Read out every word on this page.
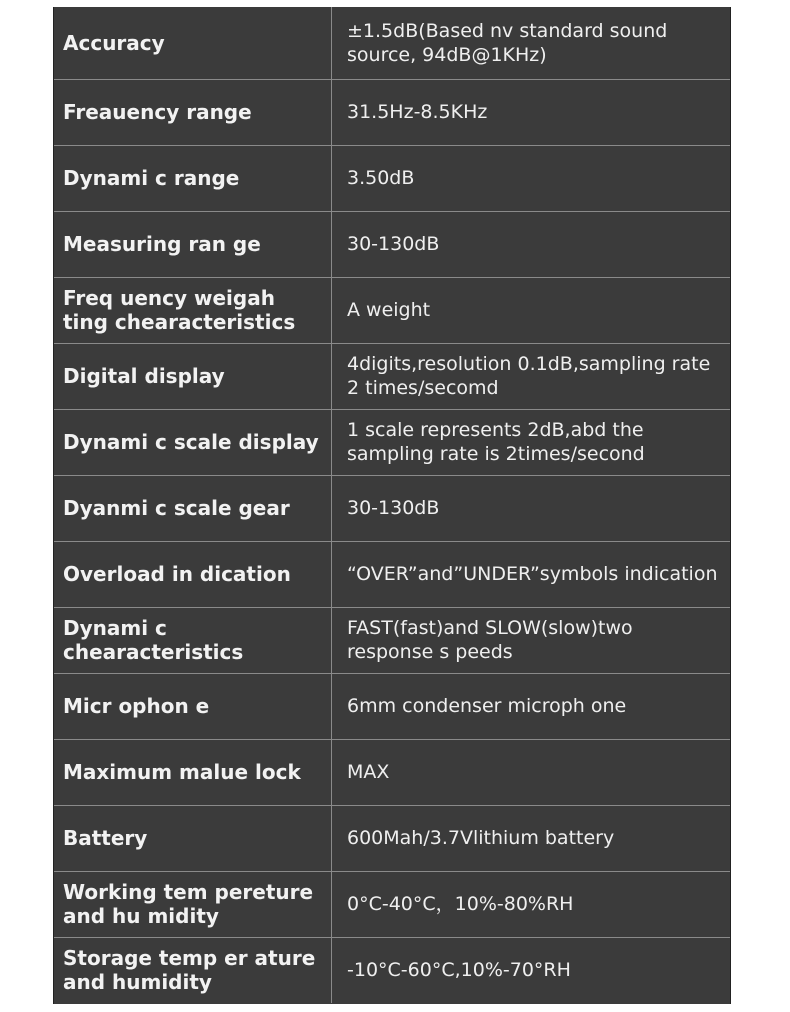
Accuracy	±1.5dB(Based nv standard sound source, 94dB@1KHz)
Freauency range	31.5Hz-8.5KHz
Dynami c range	3.50dB
Measuring ran ge	30-130dB
Freq uency weigah ting chearacteristics	A weight
Digital display	4digits,resolution 0.1dB,sampling rate 2 times/secomd
Dynami c scale display	1 scale represents 2dB,abd the sampling rate is 2times/second
Dyanmi c scale gear	30-130dB
Overload in dication	“OVER”and”UNDER”symbols indication
Dynami c chearacteristics	FAST(fast)and SLOW(slow)two response s peeds
Micr ophon e	6mm condenser microph one
Maximum malue lock	MAX
Battery	600Mah/3.7Vlithium battery
Working tem pereture and hu midity	0°C-40°C，10%-80%RH
Storage temp er ature and humidity	-10°C-60°C,10%-70°RH
